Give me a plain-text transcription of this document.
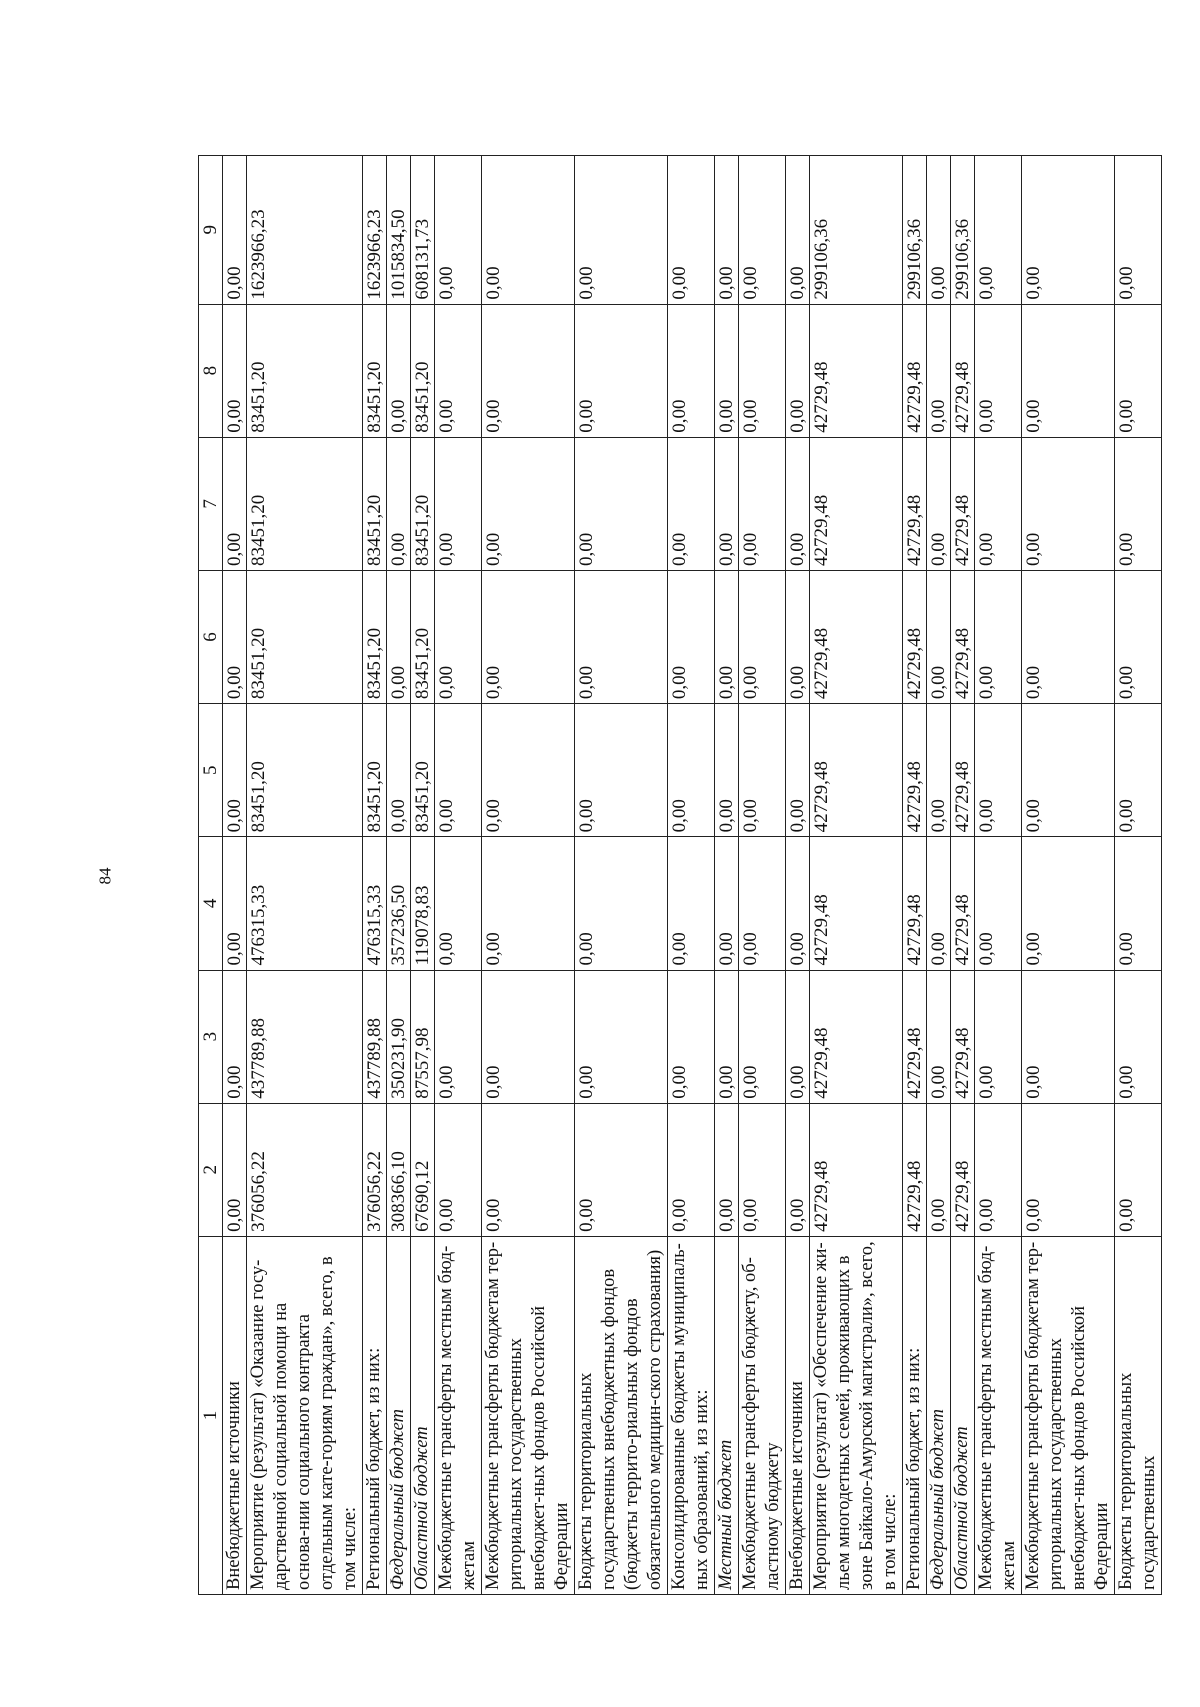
84
1	2	3	4	5	6	7	8	9
Внебюджетные источники	0,00	0,00	0,00	0,00	0,00	0,00	0,00	0,00
Мероприятие (результат) «Оказание госу-дарственной социальной помощи на основа-нии социального контракта отдельным кате-гориям граждан», всего, в том числе:	376056,22	437789,88	476315,33	83451,20	83451,20	83451,20	83451,20	1623966,23
Региональный бюджет, из них:	376056,22	437789,88	476315,33	83451,20	83451,20	83451,20	83451,20	1623966,23
Федеральный бюджет	308366,10	350231,90	357236,50	0,00	0,00	0,00	0,00	1015834,50
Областной бюджет	67690,12	87557,98	119078,83	83451,20	83451,20	83451,20	83451,20	608131,73
Межбюджетные трансферты местным бюд-жетам	0,00	0,00	0,00	0,00	0,00	0,00	0,00	0,00
Межбюджетные трансферты бюджетам тер-риториальных государственных внебюджет-ных фондов Российской Федерации	0,00	0,00	0,00	0,00	0,00	0,00	0,00	0,00
Бюджеты территориальных государственных внебюджетных фондов (бюджеты террито-риальных фондов обязательного медицин-ского страхования)	0,00	0,00	0,00	0,00	0,00	0,00	0,00	0,00
Консолидированные бюджеты муниципаль-ных образований, из них:	0,00	0,00	0,00	0,00	0,00	0,00	0,00	0,00
Местный бюджет	0,00	0,00	0,00	0,00	0,00	0,00	0,00	0,00
Межбюджетные трансферты бюджету, об-ластному бюджету	0,00	0,00	0,00	0,00	0,00	0,00	0,00	0,00
Внебюджетные источники	0,00	0,00	0,00	0,00	0,00	0,00	0,00	0,00
Мероприятие (результат) «Обеспечение жи-льем многодетных семей, проживающих в зоне Байкало-Амурской магистрали», всего, в том числе:	42729,48	42729,48	42729,48	42729,48	42729,48	42729,48	42729,48	299106,36
Региональный бюджет, из них:	42729,48	42729,48	42729,48	42729,48	42729,48	42729,48	42729,48	299106,36
Федеральный бюджет	0,00	0,00	0,00	0,00	0,00	0,00	0,00	0,00
Областной бюджет	42729,48	42729,48	42729,48	42729,48	42729,48	42729,48	42729,48	299106,36
Межбюджетные трансферты местным бюд-жетам	0,00	0,00	0,00	0,00	0,00	0,00	0,00	0,00
Межбюджетные трансферты бюджетам тер-риториальных государственных внебюджет-ных фондов Российской Федерации	0,00	0,00	0,00	0,00	0,00	0,00	0,00	0,00
Бюджеты территориальных государственных	0,00	0,00	0,00	0,00	0,00	0,00	0,00	0,00
